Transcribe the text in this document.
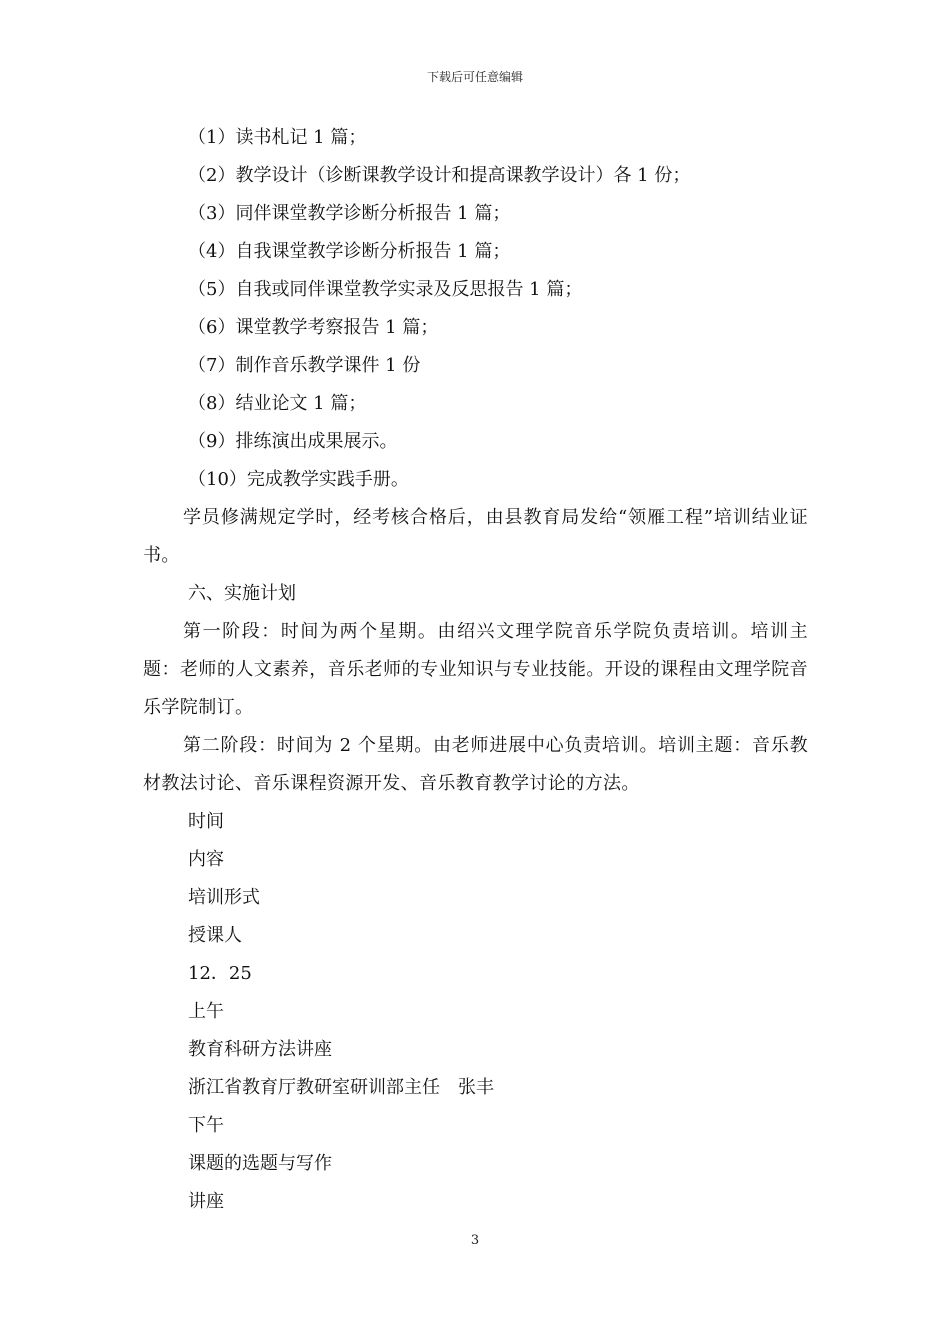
下载后可任意编辑

（1）读书札记 1 篇；

（2）教学设计（诊断课教学设计和提高课教学设计）各 1 份；

（3）同伴课堂教学诊断分析报告 1 篇；

（4）自我课堂教学诊断分析报告 1 篇；

（5）自我或同伴课堂教学实录及反思报告 1 篇；

（6）课堂教学考察报告 1 篇；

（7）制作音乐教学课件 1 份

（8）结业论文 1 篇；

（9）排练演出成果展示。

（10）完成教学实践手册。

学员修满规定学时，经考核合格后，由县教育局发给“领雁工程”培训结业证书。

六、实施计划

第一阶段：时间为两个星期。由绍兴文理学院音乐学院负责培训。培训主题：老师的人文素养，音乐老师的专业知识与专业技能。开设的课程由文理学院音乐学院制订。

第二阶段：时间为 2 个星期。由老师进展中心负责培训。培训主题：音乐教材教法讨论、音乐课程资源开发、音乐教育教学讨论的方法。

时间

内容

培训形式

授课人

12．25

上午

教育科研方法讲座

浙江省教育厅教研室研训部主任　张丰

下午

课题的选题与写作

讲座

3
